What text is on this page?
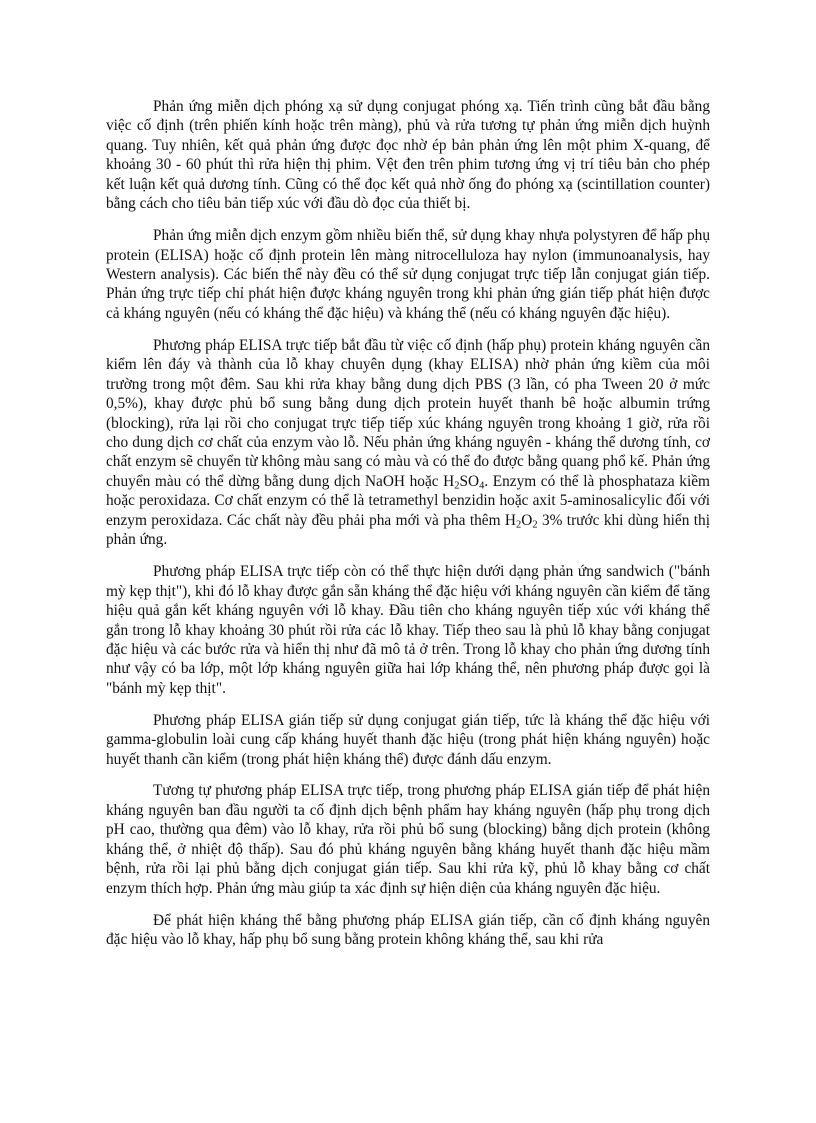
Phản ứng miễn dịch phóng xạ sử dụng conjugat phóng xạ. Tiến trình cũng bắt đầu bằng việc cố định (trên phiến kính hoặc trên màng), phủ và rửa tương tự phản ứng miễn dịch huỳnh quang. Tuy nhiên, kết quả phản ứng được đọc nhờ ép bản phản ứng lên một phim X-quang, để khoảng 30 - 60 phút thì rửa hiện thị phim. Vệt đen trên phim tương ứng vị trí tiêu bản cho phép kết luận kết quả dương tính. Cũng có thể đọc kết quả nhờ ống đo phóng xạ (scintillation counter) bằng cách cho tiêu bản tiếp xúc với đầu dò đọc của thiết bị.

Phản ứng miễn dịch enzym gồm nhiều biến thể, sử dụng khay nhựa polystyren để hấp phụ protein (ELISA) hoặc cố định protein lên màng nitrocelluloza hay nylon (immunoanalysis, hay Western analysis). Các biến thể này đều có thể sử dụng conjugat trực tiếp lẫn conjugat gián tiếp. Phản ứng trực tiếp chỉ phát hiện được kháng nguyên trong khi phản ứng gián tiếp phát hiện được cả kháng nguyên (nếu có kháng thể đặc hiệu) và kháng thể (nếu có kháng nguyên đặc hiệu).

Phương pháp ELISA trực tiếp bắt đầu từ việc cố định (hấp phụ) protein kháng nguyên cần kiểm lên đáy và thành của lỗ khay chuyên dụng (khay ELISA) nhờ phản ứng kiềm của môi trường trong một đêm. Sau khi rửa khay bằng dung dịch PBS (3 lần, có pha Tween 20 ở mức 0,5%), khay được phủ bổ sung bằng dung dịch protein huyết thanh bê hoặc albumin trứng (blocking), rửa lại rồi cho conjugat trực tiếp tiếp xúc kháng nguyên trong khoảng 1 giờ, rửa rồi cho dung dịch cơ chất của enzym vào lỗ. Nếu phản ứng kháng nguyên - kháng thể dương tính, cơ chất enzym sẽ chuyển từ không màu sang có màu và có thể đo được bằng quang phổ kế. Phản ứng chuyển màu có thể dừng bằng dung dịch NaOH hoặc $H_2SO_4$. Enzym có thể là phosphataza kiềm hoặc peroxidaza. Cơ chất enzym có thể là tetramethyl benzidin hoặc axit 5-aminosalicylic đối với enzym peroxidaza. Các chất này đều phải pha mới và pha thêm $H_2O_2$ 3% trước khi dùng hiển thị phản ứng.

Phương pháp ELISA trực tiếp còn có thể thực hiện dưới dạng phản ứng sandwich ("bánh mỳ kẹp thịt"), khi đó lỗ khay được gắn sẵn kháng thể đặc hiệu với kháng nguyên cần kiểm để tăng hiệu quả gắn kết kháng nguyên với lỗ khay. Đầu tiên cho kháng nguyên tiếp xúc với kháng thể gắn trong lỗ khay khoảng 30 phút rồi rửa các lỗ khay. Tiếp theo sau là phủ lỗ khay bằng conjugat đặc hiệu và các bước rửa và hiển thị như đã mô tả ở trên. Trong lỗ khay cho phản ứng dương tính như vậy có ba lớp, một lớp kháng nguyên giữa hai lớp kháng thể, nên phương pháp được gọi là "bánh mỳ kẹp thịt".

Phương pháp ELISA gián tiếp sử dụng conjugat gián tiếp, tức là kháng thể đặc hiệu với gamma-globulin loài cung cấp kháng huyết thanh đặc hiệu (trong phát hiện kháng nguyên) hoặc huyết thanh cần kiểm (trong phát hiện kháng thể) được đánh dấu enzym.

Tương tự phương pháp ELISA trực tiếp, trong phương pháp ELISA gián tiếp để phát hiện kháng nguyên ban đầu người ta cố định dịch bệnh phẩm hay kháng nguyên (hấp phụ trong dịch pH cao, thường qua đêm) vào lỗ khay, rửa rồi phủ bổ sung (blocking) bằng dịch protein (không kháng thể, ở nhiệt độ thấp). Sau đó phủ kháng nguyên bằng kháng huyết thanh đặc hiệu mầm bệnh, rửa rồi lại phủ bằng dịch conjugat gián tiếp. Sau khi rửa kỹ, phủ lỗ khay bằng cơ chất enzym thích hợp. Phản ứng màu giúp ta xác định sự hiện diện của kháng nguyên đặc hiệu.

Để phát hiện kháng thể bằng phương pháp ELISA gián tiếp, cần cố định kháng nguyên đặc hiệu vào lỗ khay, hấp phụ bổ sung bằng protein không kháng thể, sau khi rửa
